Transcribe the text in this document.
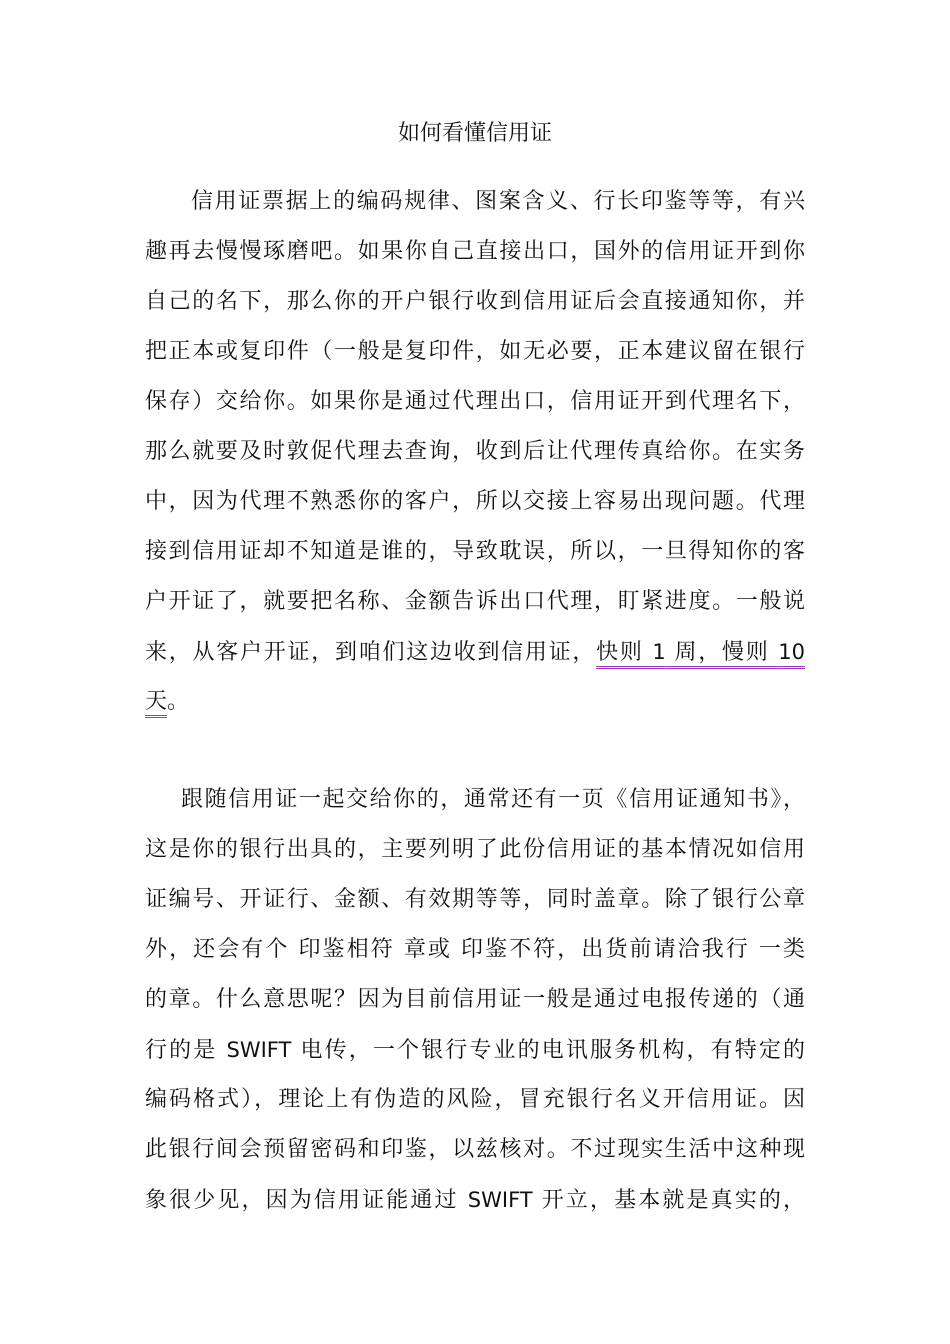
如何看懂信用证
信用证票据上的编码规律、图案含义、行长印鉴等等，有兴
趣再去慢慢琢磨吧。如果你自己直接出口，国外的信用证开到你
自己的名下，那么你的开户银行收到信用证后会直接通知你，并
把正本或复印件（一般是复印件，如无必要，正本建议留在银行
保存）交给你。如果你是通过代理出口，信用证开到代理名下，
那么就要及时敦促代理去查询，收到后让代理传真给你。在实务
中，因为代理不熟悉你的客户，所以交接上容易出现问题。代理
接到信用证却不知道是谁的，导致耽误，所以，一旦得知你的客
户开证了，就要把名称、金额告诉出口代理，盯紧进度。一般说
来，从客户开证，到咱们这边收到信用证，快则 1 周，慢则 10
天。
跟随信用证一起交给你的，通常还有一页《信用证通知书》，
这是你的银行出具的，主要列明了此份信用证的基本情况如信用
证编号、开证行、金额、有效期等等，同时盖章。除了银行公章
外，还会有个 印鉴相符 章或 印鉴不符，出货前请洽我行 一类
的章。什么意思呢？因为目前信用证一般是通过电报传递的（通
行的是 SWIFT 电传，一个银行专业的电讯服务机构，有特定的
编码格式），理论上有伪造的风险，冒充银行名义开信用证。因
此银行间会预留密码和印鉴，以兹核对。不过现实生活中这种现
象很少见，因为信用证能通过 SWIFT 开立，基本就是真实的，
